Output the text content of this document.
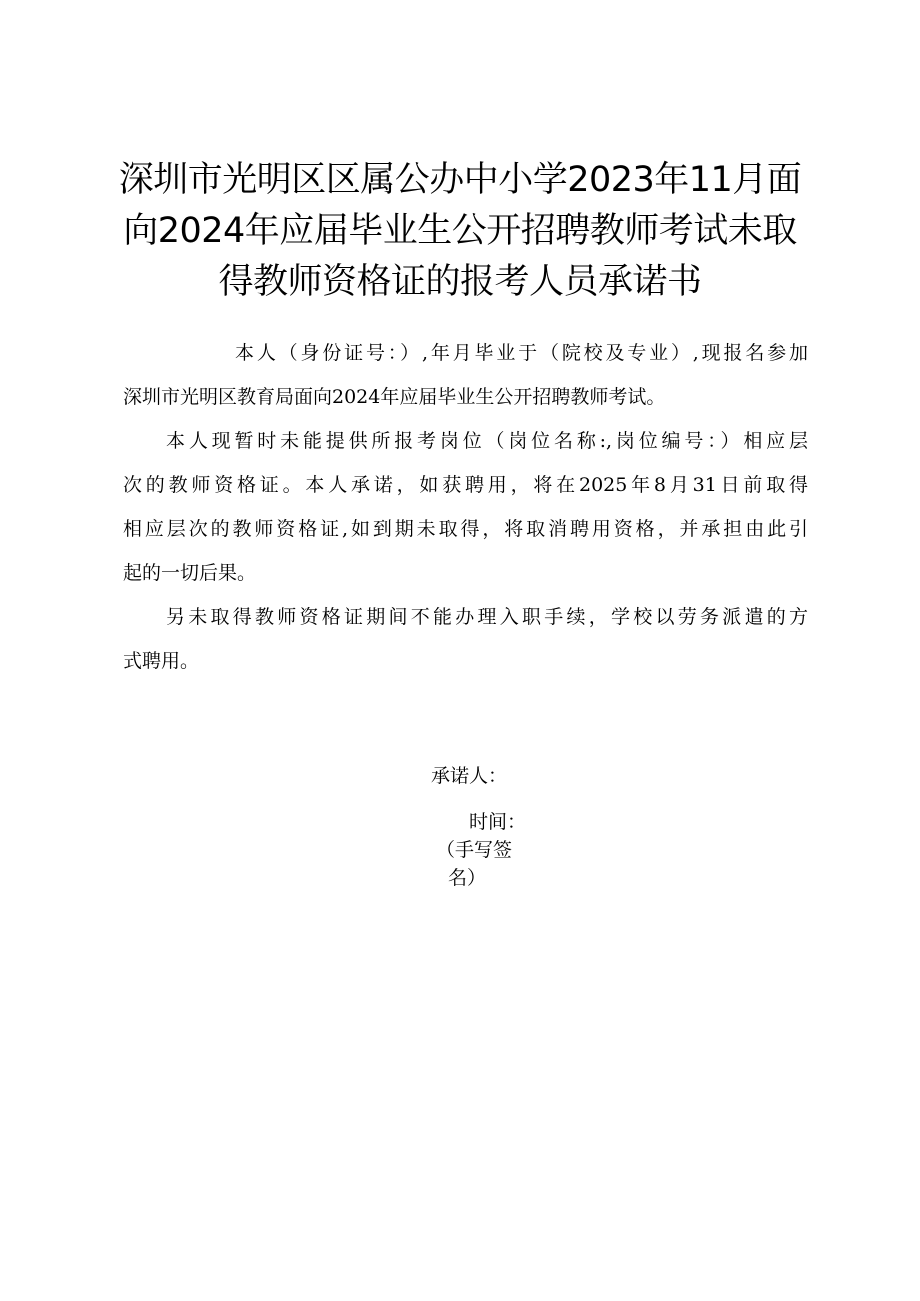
深圳市光明区区属公办中小学2023年11月面
向2024年应届毕业生公开招聘教师考试未取
得教师资格证的报考人员承诺书

本人（身份证号：）,年月毕业于（院校及专业）,现报名参加
深圳市光明区教育局面向2024年应届毕业生公开招聘教师考试。

本人现暂时未能提供所报考岗位（岗位名称:,岗位编号：）相应层
次的教师资格证。本人承诺，如获聘用，将在2025年8月31日前取得
相应层次的教师资格证,如到期未取得，将取消聘用资格，并承担由此引
起的一切后果。

另未取得教师资格证期间不能办理入职手续，学校以劳务派遣的方
式聘用。

承诺人：
时间：
（手写签
名）
